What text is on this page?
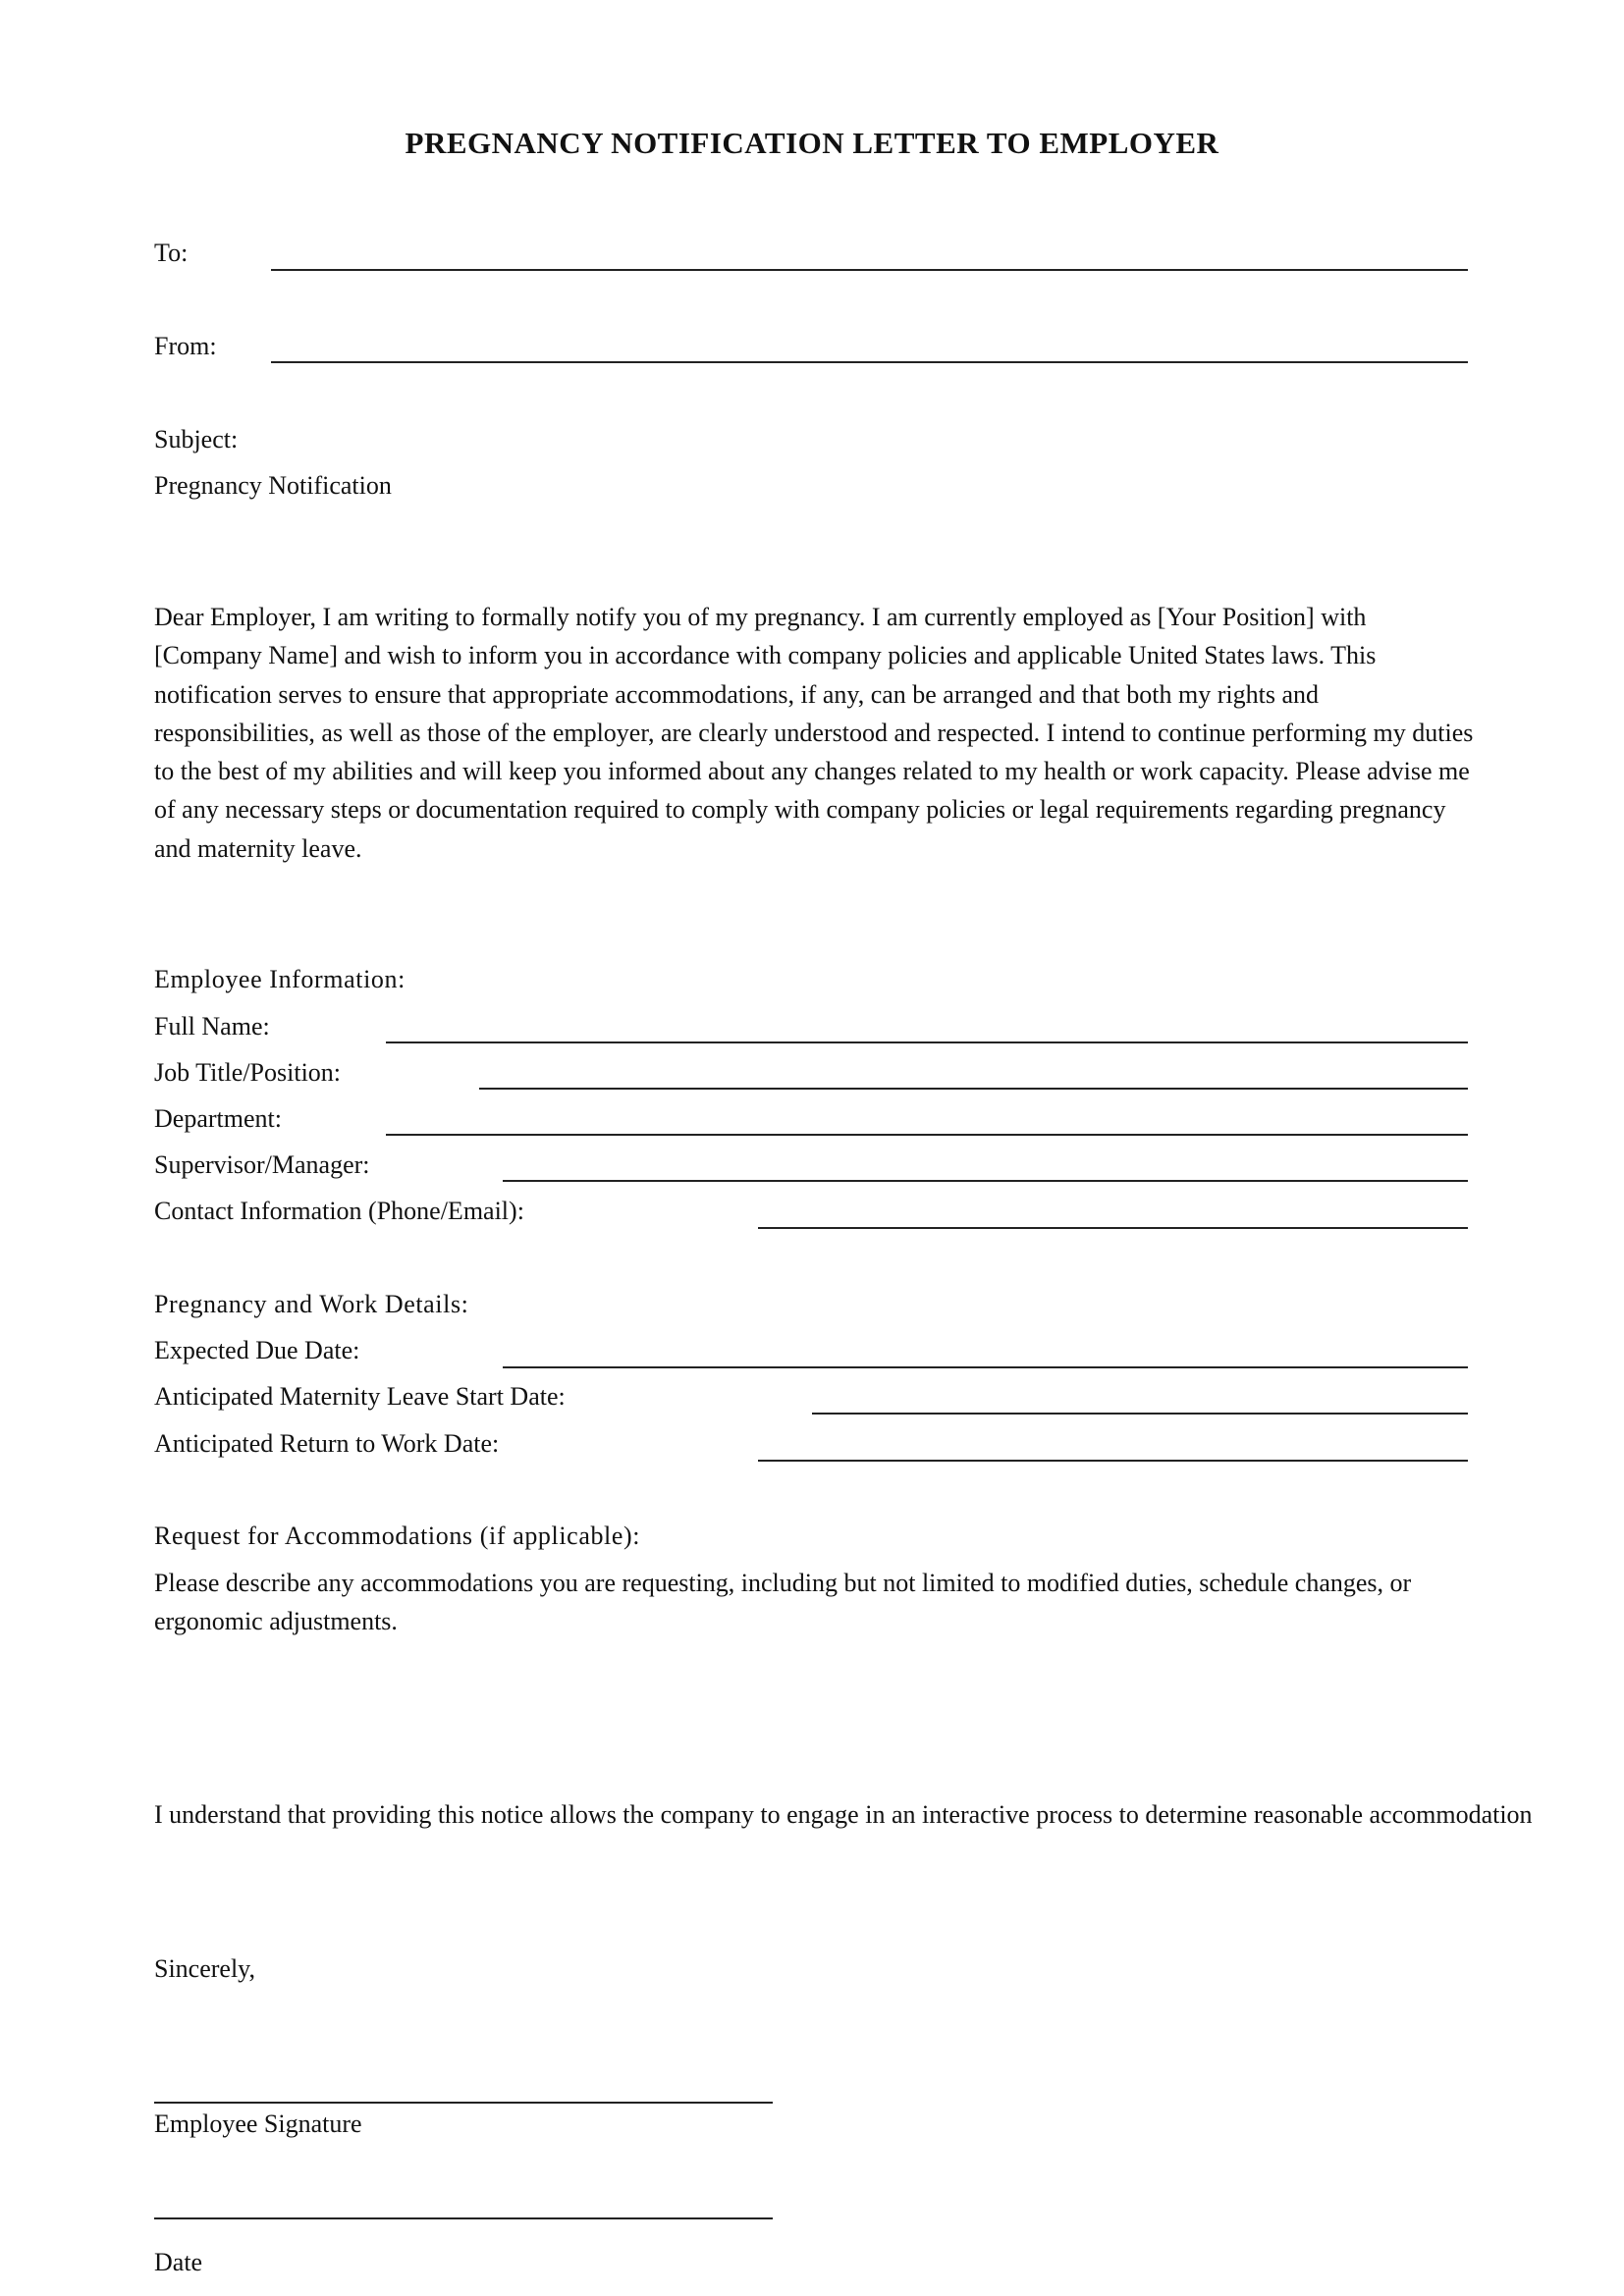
PREGNANCY NOTIFICATION LETTER TO EMPLOYER
To:
From:
Subject:
Pregnancy Notification

Dear Employer, I am writing to formally notify you of my pregnancy. I am currently employed as [Your Position] with [Company Name] and wish to inform you in accordance with company policies and applicable United States laws. This notification serves to ensure that appropriate accommodations, if any, can be arranged and that both my rights and responsibilities, as well as those of the employer, are clearly understood and respected. I intend to continue performing my duties to the best of my abilities and will keep you informed about any changes related to my health or work capacity. Please advise me of any necessary steps or documentation required to comply with company policies or legal requirements regarding pregnancy and maternity leave.

Employee Information:
Full Name:
Job Title/Position:
Department:
Supervisor/Manager:
Contact Information (Phone/Email):
Pregnancy and Work Details:
Expected Due Date:
Anticipated Maternity Leave Start Date:
Anticipated Return to Work Date:
Request for Accommodations (if applicable):

Please describe any accommodations you are requesting, including but not limited to modified duties, schedule changes, or ergonomic adjustments.

I understand that providing this notice allows the company to engage in an interactive process to determine reasonable accommodation
Sincerely,
Employee Signature
Date
